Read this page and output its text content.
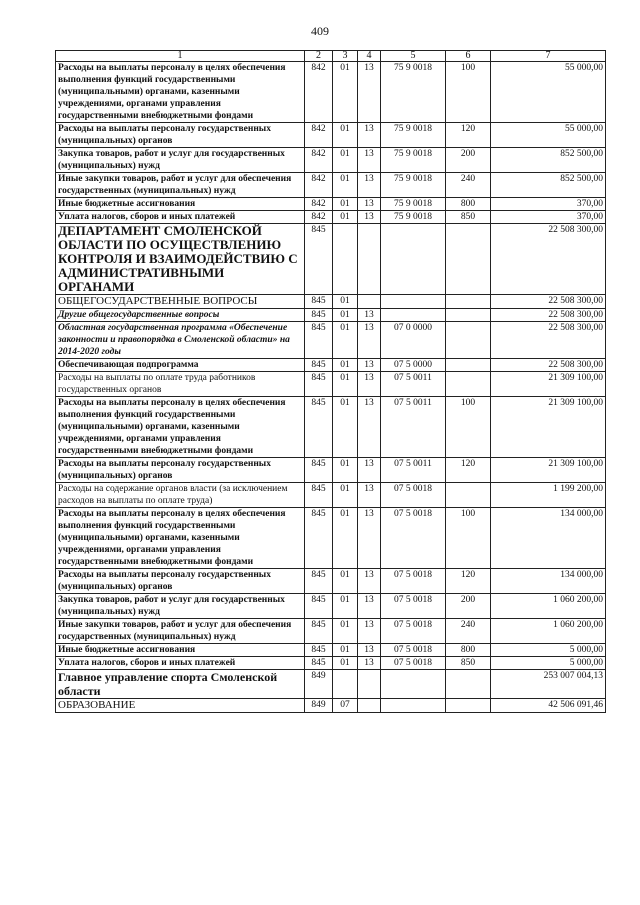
409
1	2	3	4	5	6	7
Расходы на выплаты персоналу в целях обеспечения выполнения функций государственными (муниципальными) органами, казенными учреждениями, органами управления государственными внебюджетными фондами	842	01	13	75 9 0018	100	55 000,00
Расходы на выплаты персоналу государственных (муниципальных) органов	842	01	13	75 9 0018	120	55 000,00
Закупка товаров, работ и услуг для государственных (муниципальных) нужд	842	01	13	75 9 0018	200	852 500,00
Иные закупки товаров, работ и услуг для обеспечения государственных (муниципальных) нужд	842	01	13	75 9 0018	240	852 500,00
Иные бюджетные ассигнования	842	01	13	75 9 0018	800	370,00
Уплата налогов, сборов и иных платежей	842	01	13	75 9 0018	850	370,00
ДЕПАРТАМЕНТ СМОЛЕНСКОЙ ОБЛАСТИ ПО ОСУЩЕСТВЛЕНИЮ КОНТРОЛЯ И ВЗАИМОДЕЙСТВИЮ С АДМИНИСТРАТИВНЫМИ ОРГАНАМИ	845					22 508 300,00
ОБЩЕГОСУДАРСТВЕННЫЕ ВОПРОСЫ	845	01				22 508 300,00
Другие общегосударственные вопросы	845	01	13			22 508 300,00
Областная государственная программа «Обеспечение законности и правопорядка в Смоленской области» на 2014-2020 годы	845	01	13	07 0 0000		22 508 300,00
Обеспечивающая подпрограмма	845	01	13	07 5 0000		22 508 300,00
Расходы на выплаты по оплате труда работников государственных органов	845	01	13	07 5 0011		21 309 100,00
Расходы на выплаты персоналу в целях обеспечения выполнения функций государственными (муниципальными) органами, казенными учреждениями, органами управления государственными внебюджетными фондами	845	01	13	07 5 0011	100	21 309 100,00
Расходы на выплаты персоналу государственных (муниципальных) органов	845	01	13	07 5 0011	120	21 309 100,00
Расходы на содержание органов власти (за исключением расходов на выплаты по оплате труда)	845	01	13	07 5 0018		1 199 200,00
Расходы на выплаты персоналу в целях обеспечения выполнения функций государственными (муниципальными) органами, казенными учреждениями, органами управления государственными внебюджетными фондами	845	01	13	07 5 0018	100	134 000,00
Расходы на выплаты персоналу государственных (муниципальных) органов	845	01	13	07 5 0018	120	134 000,00
Закупка товаров, работ и услуг для государственных (муниципальных) нужд	845	01	13	07 5 0018	200	1 060 200,00
Иные закупки товаров, работ и услуг для обеспечения государственных (муниципальных) нужд	845	01	13	07 5 0018	240	1 060 200,00
Иные бюджетные ассигнования	845	01	13	07 5 0018	800	5 000,00
Уплата налогов, сборов и иных платежей	845	01	13	07 5 0018	850	5 000,00
Главное управление спорта Смоленской области	849					253 007 004,13
ОБРАЗОВАНИЕ	849	07				42 506 091,46
